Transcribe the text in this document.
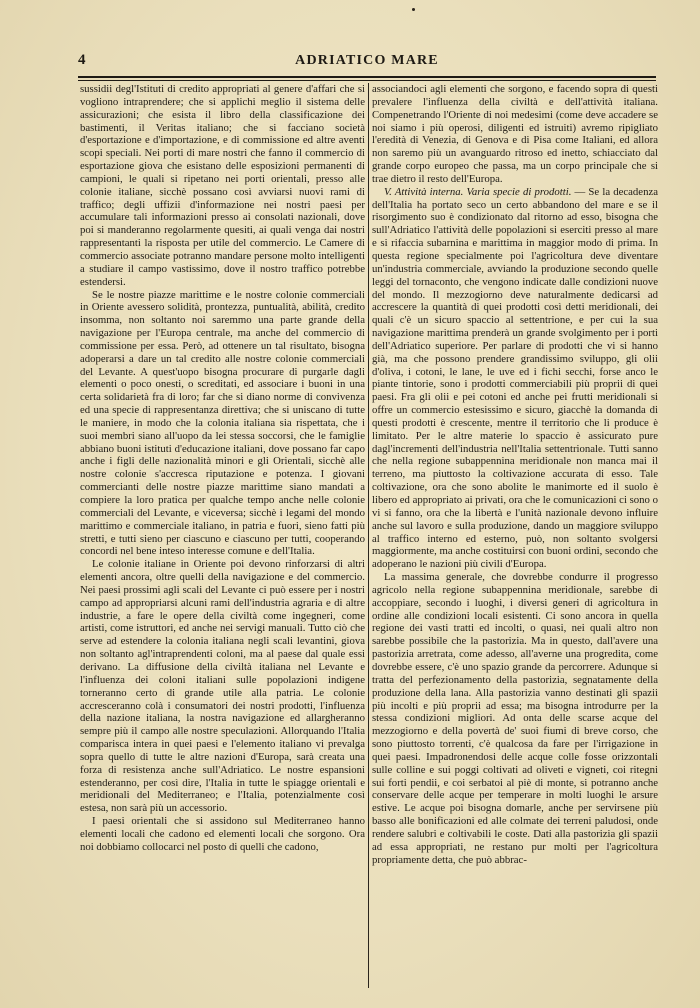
4	ADRIATICO MARE

sussidii degl'Istituti di credito appropriati al genere d'affari che si vogliono intraprendere; che si applichi meglio il sistema delle assicurazioni; che esista il libro della classificazione dei bastimenti, il Veritas italiano; che si facciano società d'esportazione e d'importazione, e di commissione ed altre aventi scopi speciali. Nei porti di mare nostri che fanno il commercio di esportazione giova che esistano delle esposizioni permanenti di campioni, le quali si ripetano nei porti orientali, presso alle colonie italiane, sicchè possano così avviarsi nuovi rami di traffico; degli uffizii d'informazione nei nostri paesi per accumulare tali informazioni presso ai consolati nazionali, dove poi si manderanno regolarmente quesiti, ai quali venga dai nostri rappresentanti la risposta per utile del commercio. Le Camere di commercio associate potranno mandare persone molto intelligenti a studiare il campo vastissimo, dove il nostro traffico potrebbe estendersi.

Se le nostre piazze marittime e le nostre colonie commerciali in Oriente avessero solidità, prontezza, puntualità, abilità, credito insomma, non soltanto noi saremmo una parte grande della navigazione per l'Europa centrale, ma anche del commercio di commissione per essa. Però, ad ottenere un tal risultato, bisogna adoperarsi a dare un tal credito alle nostre colonie commerciali del Levante. A quest'uopo bisogna procurare di purgarle dagli elementi o poco onesti, o screditati, ed associare i buoni in una certa solidarietà fra di loro; far che si diano norme di convivenza ed una specie di rappresentanza direttiva; che si uniscano di tutte le maniere, in modo che la colonia italiana sia rispettata, che i suoi membri siano all'uopo da lei stessa soccorsi, che le famiglie abbiano buoni istituti d'educazione italiani, dove possano far capo anche i figli delle nazionalità minori e gli Orientali, sicchè alle nostre colonie s'accresca riputazione e potenza. I giovani commercianti delle nostre piazze marittime siano mandati a compiere la loro pratica per qualche tempo anche nelle colonie commerciali del Levante, e viceversa; sicchè i legami del mondo marittimo e commerciale italiano, in patria e fuori, sieno fatti più stretti, e tutti sieno per ciascuno e ciascuno per tutti, cooperando concordi nel bene inteso interesse comune e dell'Italia.

Le colonie italiane in Oriente poi devono rinforzarsi di altri elementi ancora, oltre quelli della navigazione e del commercio. Nei paesi prossimi agli scali del Levante ci può essere per i nostri campo ad appropriarsi alcuni rami dell'industria agraria e di altre industrie, a fare le opere della civiltà come ingegneri, come artisti, come istruttori, ed anche nei servigi manuali. Tutto ciò che serve ad estendere la colonia italiana negli scali levantini, giova non soltanto agl'intraprendenti coloni, ma al paese dal quale essi derivano. La diffusione della civiltà italiana nel Levante e l'influenza dei coloni italiani sulle popolazioni indigene torneranno certo di grande utile alla patria. Le colonie accresceranno colà i consumatori dei nostri prodotti, l'influenza della nazione italiana, la nostra navigazione ed allargheranno sempre più il campo alle nostre speculazioni. Allorquando l'Italia comparisca intera in quei paesi e l'elemento italiano vi prevalga sopra quello di tutte le altre nazioni d'Europa, sarà creata una forza di resistenza anche sull'Adriatico. Le nostre espansioni estenderanno, per così dire, l'Italia in tutte le spiagge orientali e meridionali del Mediterraneo; e l'Italia, potenzialmente così estesa, non sarà più un accessorio.

I paesi orientali che si assidono sul Mediterraneo hanno elementi locali che cadono ed elementi locali che sorgono. Ora noi dobbiamo collocarci nel posto di quelli che cadono,

associandoci agli elementi che sorgono, e facendo sopra di questi prevalere l'influenza della civiltà e dell'attività italiana. Compenetrando l'Oriente di noi medesimi (come deve accadere se noi siamo i più operosi, diligenti ed istruiti) avremo ripigliato l'eredità di Venezia, di Genova e di Pisa come Italiani, ed allora non saremo più un avanguardo ritroso ed inetto, schiacciato dal grande corpo europeo che passa, ma un corpo principale che si trae dietro il resto dell'Europa.

V. Attività interna. Varia specie di prodotti. — Se la decadenza dell'Italia ha portato seco un certo abbandono del mare e se il risorgimento suo è condizionato dal ritorno ad esso, bisogna che sull'Adriatico l'attività delle popolazioni si eserciti presso al mare e si rifaccia subarnina e marittima in maggior modo di prima. In questa regione specialmente poi l'agricoltura deve diventare un'industria commerciale, avviando la produzione secondo quelle leggi del tornaconto, che vengono indicate dalle condizioni nuove del mondo. Il mezzogiorno deve naturalmente dedicarsi ad accrescere la quantità di quei prodotti così detti meridionali, dei quali c'è un sicuro spaccio al settentrione, e per cui la sua navigazione marittima prenderà un grande svolgimento per i porti dell'Adriatico superiore. Per parlare di prodotti che vi si hanno già, ma che possono prendere grandissimo sviluppo, gli olii d'oliva, i cotoni, le lane, le uve ed i fichi secchi, forse anco le piante tintorie, sono i prodotti commerciabili più proprii di quei paesi. Fra gli olii e pei cotoni ed anche pei frutti meridionali si offre un commercio estesissimo e sicuro, giacchè la domanda di questi prodotti è crescente, mentre il territorio che li produce è limitato. Per le altre materie lo spaccio è assicurato pure dagl'incrementi dell'industria nell'Italia settentrionale. Tutti sanno che nella regione subappennina meridionale non manca mai il terreno, ma piuttosto la coltivazione accurata di esso. Tale coltivazione, ora che sono abolite le manimorte ed il suolo è libero ed appropriato ai privati, ora che le comunicazioni ci sono o vi si fanno, ora che la libertà e l'unità nazionale devono influire anche sul lavoro e sulla produzione, dando un maggiore sviluppo al traffico interno ed esterno, può, non soltanto svolgersi maggiormente, ma anche costituirsi con buoni ordini, secondo che adoperano le nazioni più civili d'Europa.

La massima generale, che dovrebbe condurre il progresso agricolo nella regione subappennina meridionale, sarebbe di accoppiare, secondo i luoghi, i diversi generi di agricoltura in ordine alle condizioni locali esistenti. Ci sono ancora in quella regione dei vasti tratti ed incolti, o quasi, nei quali altro non sarebbe possibile che la pastorizia. Ma in questo, dall'avere una pastorizia arretrata, come adesso, all'averne una progredita, come dovrebbe essere, c'è uno spazio grande da percorrere. Adunque si tratta del perfezionamento della pastorizia, segnatamente della produzione della lana. Alla pastorizia vanno destinati gli spazii più incolti e più proprii ad essa; ma bisogna introdurre per la stessa condizioni migliori. Ad onta delle scarse acque del mezzogiorno e della povertà de' suoi fiumi di breve corso, che sono piuttosto torrenti, c'è qualcosa da fare per l'irrigazione in quei paesi. Impadronendosi delle acque colle fosse orizzontali sulle colline e sui poggi coltivati ad oliveti e vigneti, coi ritegni sui forti pendii, e coi serbatoi al piè di monte, si potranno anche conservare delle acque per temperare in molti luoghi le arsure estive. Le acque poi bisogna domarle, anche per servirsene più basso alle bonificazioni ed alle colmate dei terreni paludosi, onde rendere salubri e coltivabili le coste. Dati alla pastorizia gli spazii ad essa appropriati, ne restano pur molti per l'agricoltura propriamente detta, che può abbrac-
